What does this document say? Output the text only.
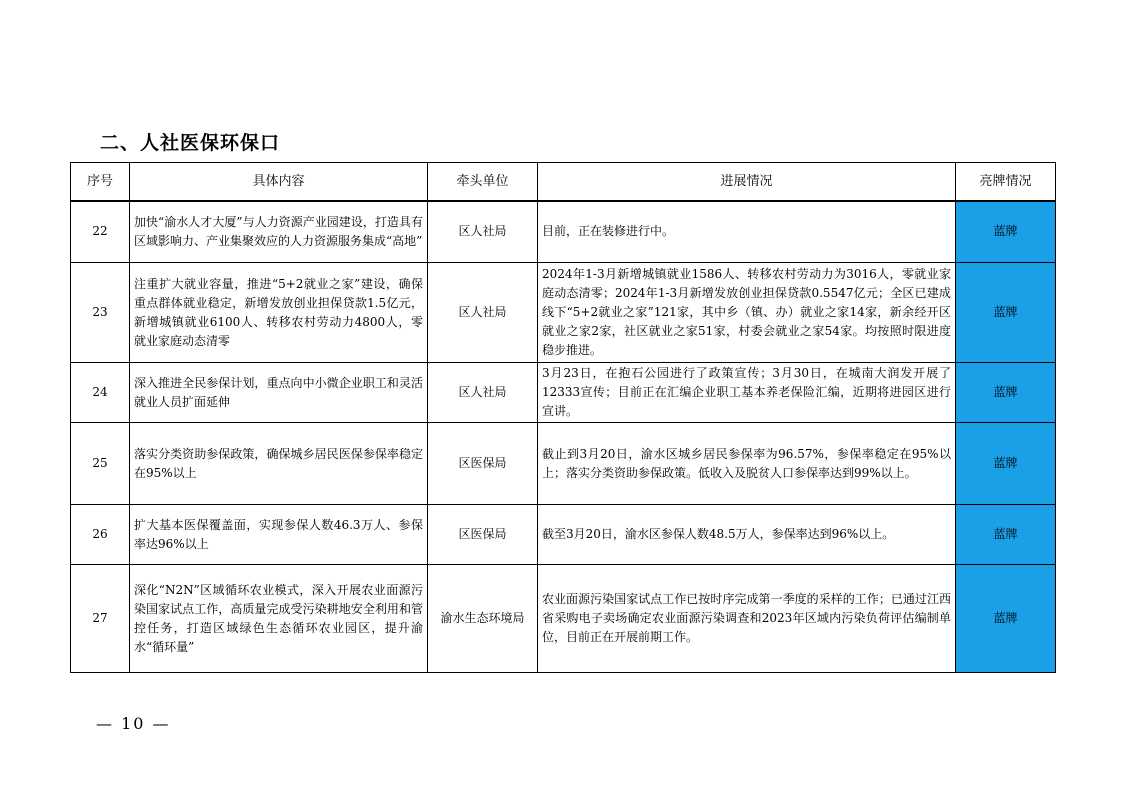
二、人社医保环保口
序号	具体内容	牵头单位	进展情况	亮牌情况
22	加快“渝水人才大厦”与人力资源产业园建设，打造具有区域影响力、产业集聚效应的人力资源服务集成“高地”	区人社局	目前，正在装修进行中。	蓝牌
23	注重扩大就业容量，推进“5+2就业之家”建设，确保重点群体就业稳定，新增发放创业担保贷款1.5亿元，新增城镇就业6100人、转移农村劳动力4800人，零就业家庭动态清零	区人社局	2024年1-3月新增城镇就业1586人、转移农村劳动力为3016人，零就业家庭动态清零；2024年1-3月新增发放创业担保贷款0.5547亿元；全区已建成线下“5+2就业之家”121家，其中乡（镇、办）就业之家14家，新余经开区就业之家2家，社区就业之家51家，村委会就业之家54家。均按照时限进度稳步推进。	蓝牌
24	深入推进全民参保计划，重点向中小微企业职工和灵活就业人员扩面延伸	区人社局	3月23日，在抱石公园进行了政策宣传；3月30日，在城南大润发开展了12333宣传；目前正在汇编企业职工基本养老保险汇编，近期将进园区进行宣讲。	蓝牌
25	落实分类资助参保政策，确保城乡居民医保参保率稳定在95%以上	区医保局	截止到3月20日，渝水区城乡居民参保率为96.57%，参保率稳定在95%以上；落实分类资助参保政策。低收入及脱贫人口参保率达到99%以上。	蓝牌
26	扩大基本医保覆盖面，实现参保人数46.3万人、参保率达96%以上	区医保局	截至3月20日，渝水区参保人数48.5万人，参保率达到96%以上。	蓝牌
27	深化“N2N”区域循环农业模式，深入开展农业面源污染国家试点工作，高质量完成受污染耕地安全利用和管控任务，打造区域绿色生态循环农业园区，提升渝水“循环量”	渝水生态环境局	农业面源污染国家试点工作已按时序完成第一季度的采样的工作；已通过江西省采购电子卖场确定农业面源污染调查和2023年区域内污染负荷评估编制单位，目前正在开展前期工作。	蓝牌
— 10 —
